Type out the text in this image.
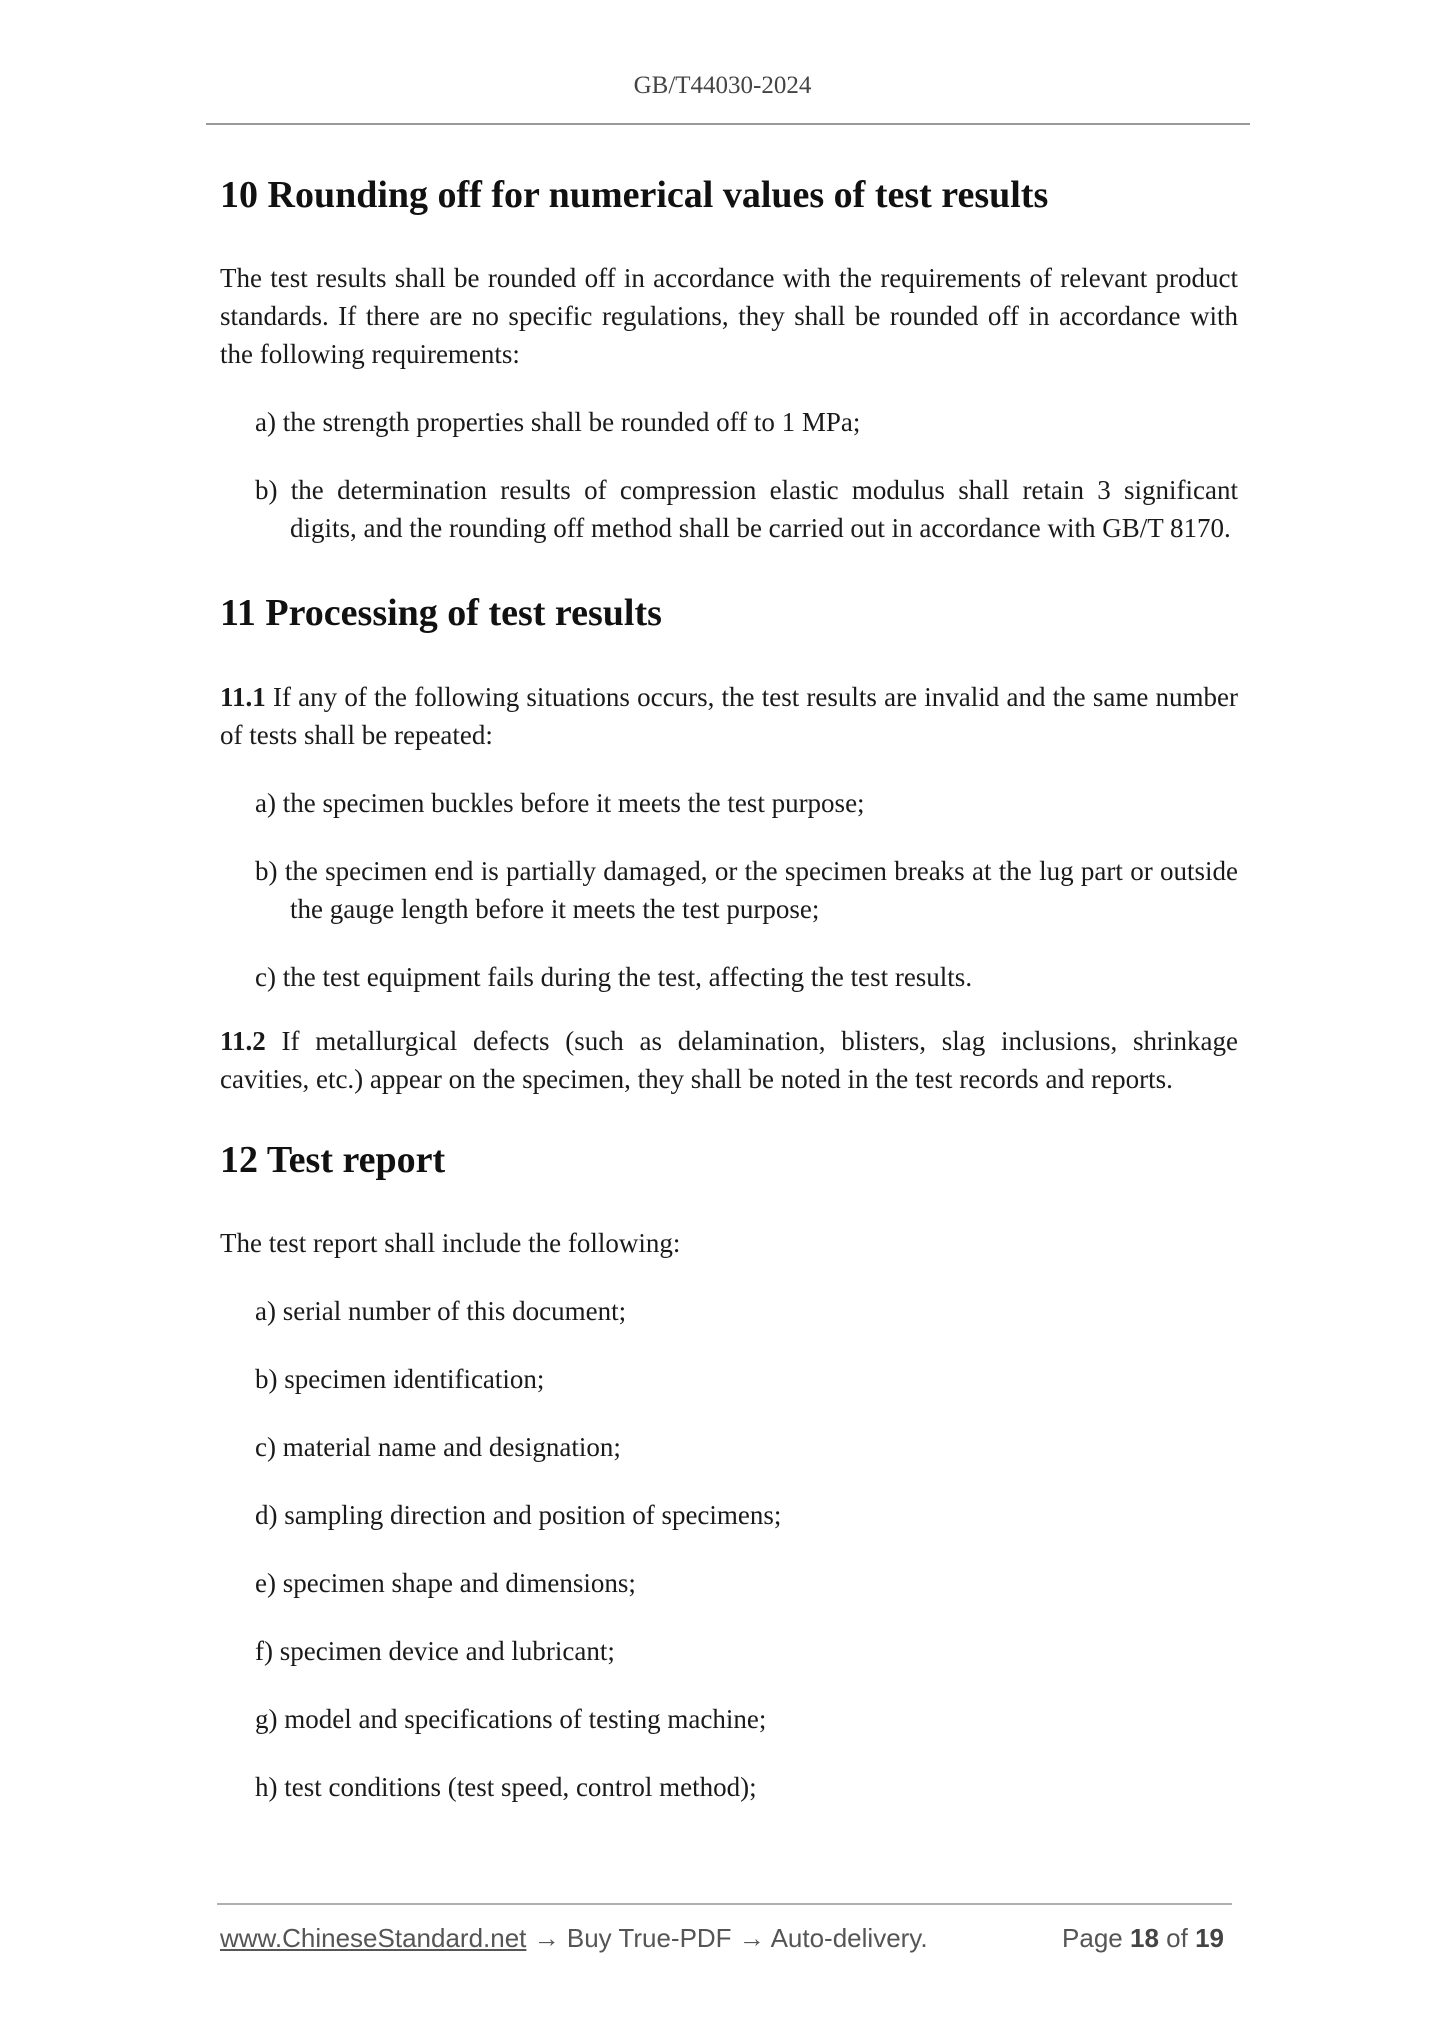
GB/T44030-2024
10 Rounding off for numerical values of test results

The test results shall be rounded off in accordance with the requirements of relevant product standards. If there are no specific regulations, they shall be rounded off in accordance with the following requirements:

a) the strength properties shall be rounded off to 1 MPa;
b) the determination results of compression elastic modulus shall retain 3 significant digits, and the rounding off method shall be carried out in accordance with GB/T 8170.
11 Processing of test results

11.1 If any of the following situations occurs, the test results are invalid and the same number of tests shall be repeated:

a) the specimen buckles before it meets the test purpose;
b) the specimen end is partially damaged, or the specimen breaks at the lug part or outside the gauge length before it meets the test purpose;
c) the test equipment fails during the test, affecting the test results.

11.2 If metallurgical defects (such as delamination, blisters, slag inclusions, shrinkage cavities, etc.) appear on the specimen, they shall be noted in the test records and reports.

12 Test report

The test report shall include the following:

a) serial number of this document;
b) specimen identification;
c) material name and designation;
d) sampling direction and position of specimens;
e) specimen shape and dimensions;
f) specimen device and lubricant;
g) model and specifications of testing machine;
h) test conditions (test speed, control method);
www.ChineseStandard.net → Buy True-PDF → Auto-delivery.	Page 18 of 19
